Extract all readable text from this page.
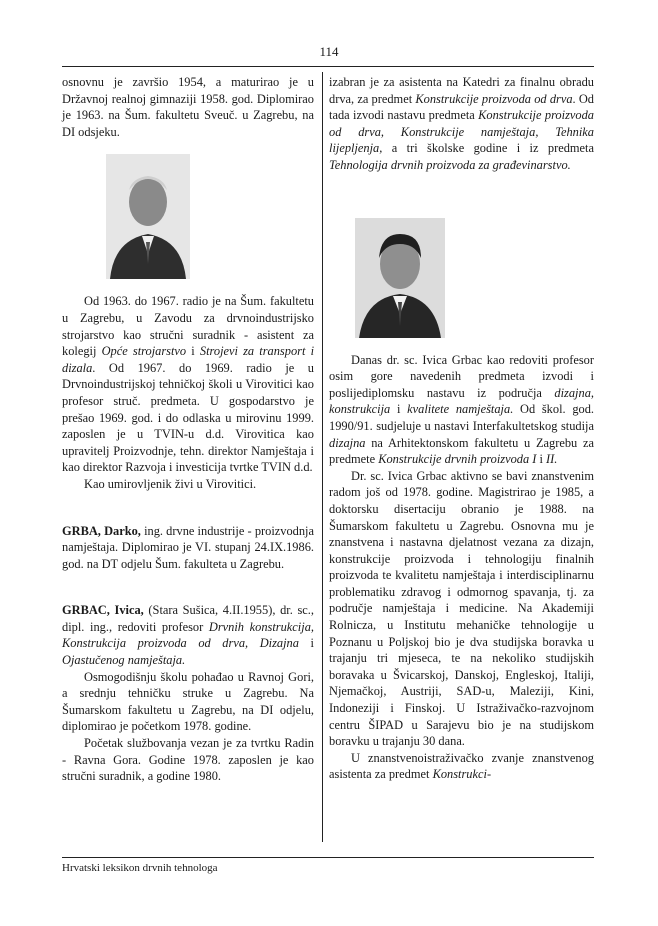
114

osnovnu je završio 1954, a maturirao je u Državnoj realnoj gimnaziji 1958. god. Diplomirao je 1963. na Šum. fakultetu Sveuč. u Zagrebu, na DI odsjeku.

Od 1963. do 1967. radio je na Šum. fakultetu u Zagrebu, u Zavodu za drvnoindustrijsko strojarstvo kao stručni suradnik - asistent za kolegij Opće strojarstvo i Strojevi za transport i dizala. Od 1967. do 1969. radio je u Drvnoindustrijskoj tehničkoj školi u Virovitici kao profesor struč. predmeta. U gospodarstvo je prešao 1969. god. i do odlaska u mirovinu 1999. zaposlen je u TVIN-u d.d. Virovitica kao upravitelj Proizvodnje, tehn. direktor Namještaja i kao direktor Razvoja i investicija tvrtke TVIN d.d.

Kao umirovljenik živi u Virovitici.

GRBA, Darko, ing. drvne industrije - proizvodnja namještaja. Diplomirao je VI. stupanj 24.IX.1986. god. na DT odjelu Šum. fakulteta u Zagrebu.

GRBAC, Ivica, (Stara Sušica, 4.II.1955), dr. sc., dipl. ing., redoviti profesor Drvnih konstrukcija, Konstrukcija proizvoda od drva, Dizajna i Ojastučenog namještaja.

Osmogodišnju školu pohađao u Ravnoj Gori, a srednju tehničku struke u Zagrebu. Na Šumarskom fakultetu u Zagrebu, na DI odjelu, diplomirao je početkom 1978. godine.

Početak službovanja vezan je za tvrtku Radin - Ravna Gora. Godine 1978. zaposlen je kao stručni suradnik, a godine 1980.

izabran je za asistenta na Katedri za finalnu obradu drva, za predmet Konstrukcije proizvoda od drva. Od tada izvodi nastavu predmeta Konstrukcije proizvoda od drva, Konstrukcije namještaja, Tehnika lijepljenja, a tri školske godine i iz predmeta Tehnologija drvnih proizvoda za građevinarstvo.

Danas dr. sc. Ivica Grbac kao redoviti profesor osim gore navedenih predmeta izvodi i poslijediplomsku nastavu iz područja dizajna, konstrukcija i kvalitete namještaja. Od škol. god. 1990/91. sudjeluje u nastavi Interfakultetskog studija dizajna na Arhitektonskom fakultetu u Zagrebu za predmete Konstrukcije drvnih proizvoda I i II.

Dr. sc. Ivica Grbac aktivno se bavi znanstvenim radom još od 1978. godine. Magistrirao je 1985, a doktorsku disertaciju obranio je 1988. na Šumarskom fakultetu u Zagrebu. Osnovna mu je znanstvena i nastavna djelatnost vezana za dizajn, konstrukcije proizvoda i tehnologiju finalnih proizvoda te kvalitetu namještaja i interdisciplinarnu problematiku zdravog i odmornog spavanja, tj. za područje namještaja i medicine. Na Akademiji Rolnicza, u Institutu mehaničke tehnologije u Poznanu u Poljskoj bio je dva studijska boravka u trajanju tri mjeseca, te na nekoliko studijskih boravaka u Švicarskoj, Danskoj, Engleskoj, Italiji, Njemačkoj, Austriji, SAD-u, Maleziji, Kini, Indoneziji i Finskoj. U Istraživačko-razvojnom centru ŠIPAD u Sarajevu bio je na studijskom boravku u trajanju 30 dana.

U znanstvenoistraživačko zvanje znanstvenog asistenta za predmet Konstrukci-

Hrvatski leksikon drvnih tehnologa
